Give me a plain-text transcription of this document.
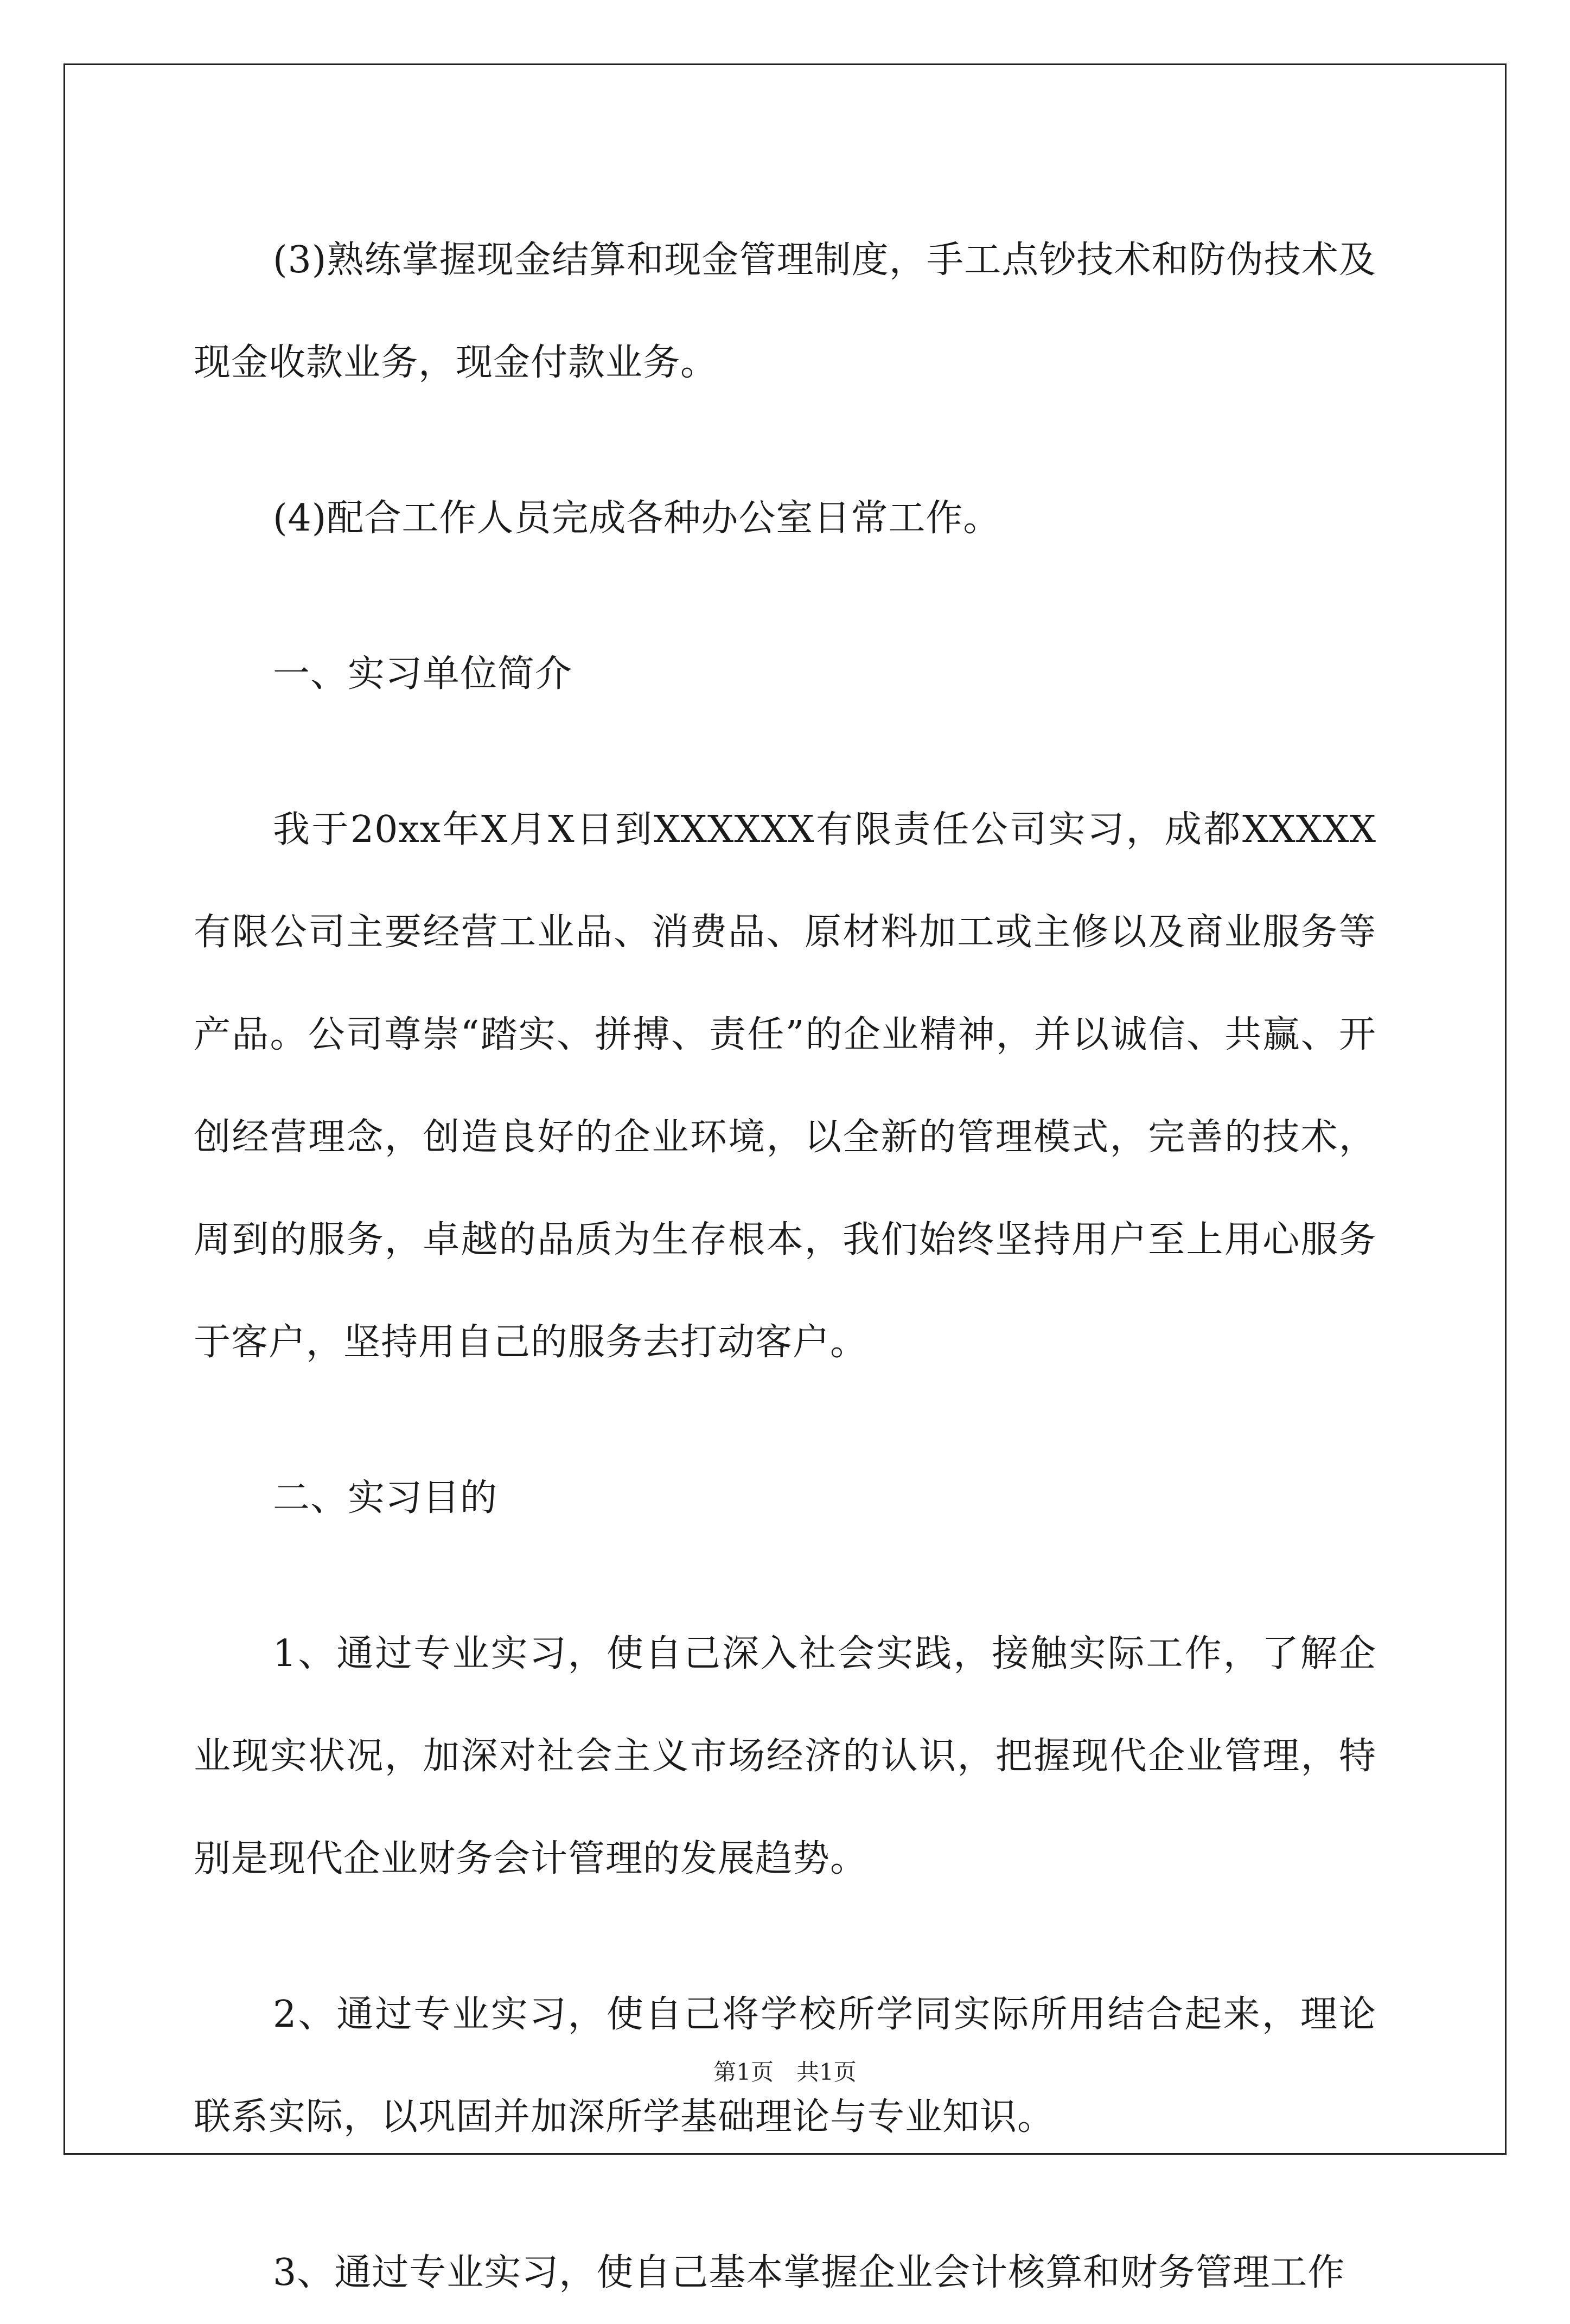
(3)熟练掌握现金结算和现金管理制度，手工点钞技术和防伪技术及现金收款业务，现金付款业务。

(4)配合工作人员完成各种办公室日常工作。

一、实习单位简介

我于20xx年X月X日到XXXXXX有限责任公司实习，成都XXXXX有限公司主要经营工业品、消费品、原材料加工或主修以及商业服务等产品。公司尊崇“踏实、拼搏、责任”的企业精神，并以诚信、共赢、开创经营理念，创造良好的企业环境，以全新的管理模式，完善的技术，周到的服务，卓越的品质为生存根本，我们始终坚持用户至上用心服务于客户，坚持用自己的服务去打动客户。

二、实习目的

1、通过专业实习，使自己深入社会实践，接触实际工作，了解企业现实状况，加深对社会主义市场经济的认识，把握现代企业管理，特别是现代企业财务会计管理的发展趋势。

2、通过专业实习，使自己将学校所学同实际所用结合起来，理论联系实际，以巩固并加深所学基础理论与专业知识。

3、通过专业实习，使自己基本掌握企业会计核算和财务管理工作

第1页　共1页
